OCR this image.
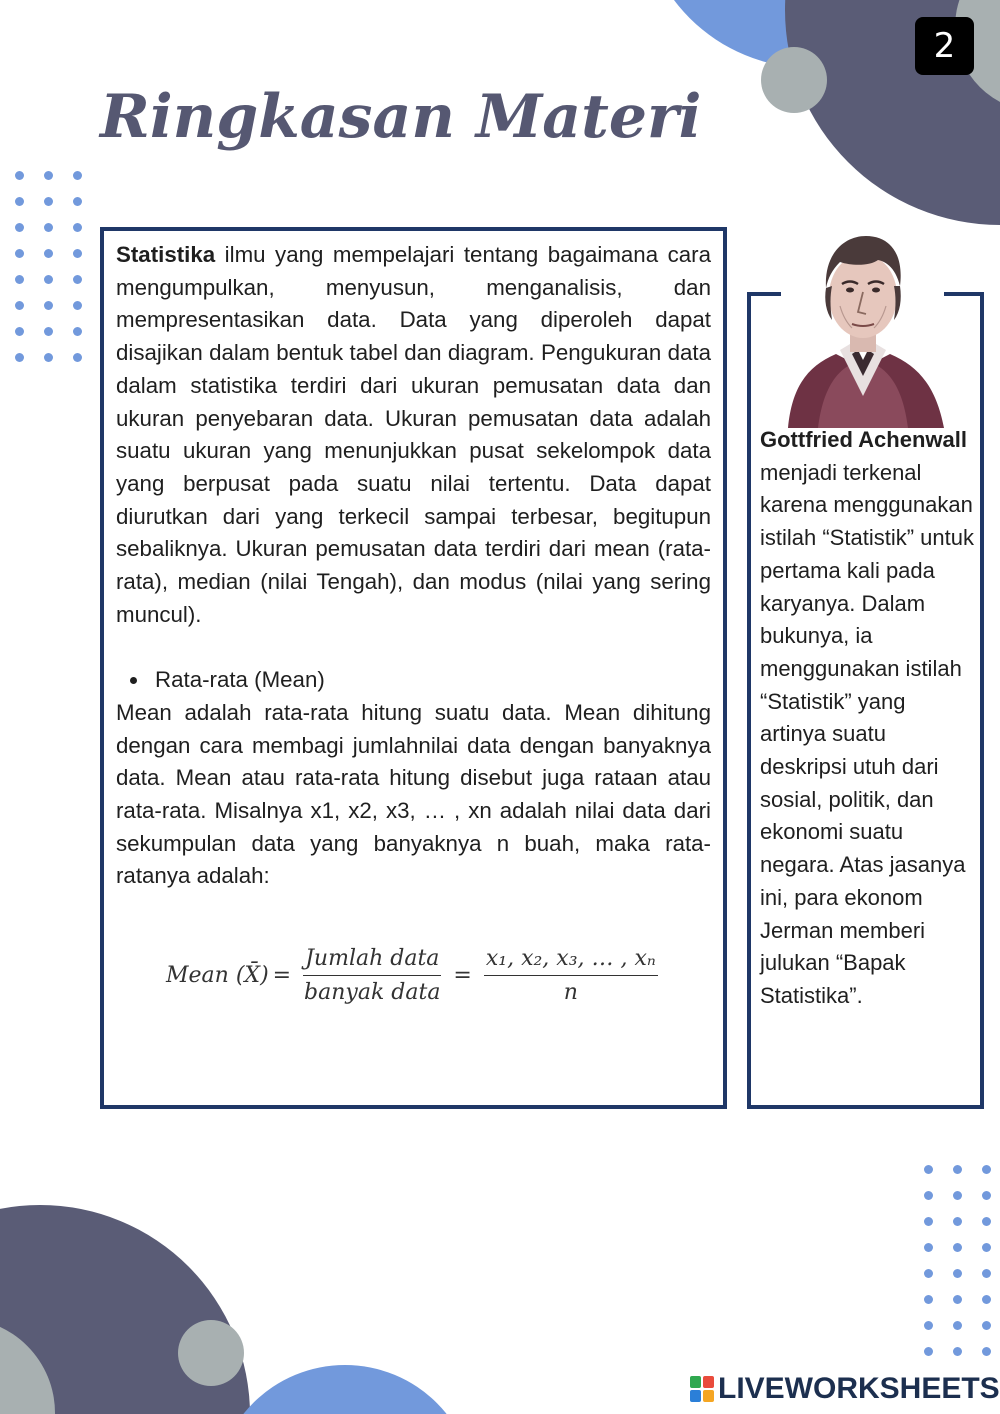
2
Ringkasan Materi

Statistika ilmu yang mempelajari tentang bagaimana cara mengumpulkan, menyusun, menganalisis, dan mempresentasikan data. Data yang diperoleh dapat disajikan dalam bentuk tabel dan diagram. Pengukuran data dalam statistika terdiri dari ukuran pemusatan data dan ukuran penyebaran data. Ukuran pemusatan data adalah suatu ukuran yang menunjukkan pusat sekelompok data yang berpusat pada suatu nilai tertentu. Data dapat diurutkan dari yang terkecil sampai terbesar, begitupun sebaliknya. Ukuran pemusatan data terdiri dari mean (rata-rata), median (nilai Tengah), dan modus (nilai yang sering muncul).

Rata-rata (Mean)

Mean adalah rata-rata hitung suatu data. Mean dihitung dengan cara membagi jumlahnilai data dengan banyaknya data. Mean atau rata-rata hitung disebut juga rataan atau rata-rata. Misalnya x1, x2, x3, … , xn adalah nilai data dari sekumpulan data yang banyaknya n buah, maka rata-ratanya adalah:

Mean (X̄) = $\frac{\text{Jumlah data}}{\text{banyak data}} = \frac{\text{x₁, x₂, x₃, … , xₙ}}{n}$
Gottfried Achenwall
menjadi terkenal karena menggunakan istilah “Statistik” untuk pertama kali pada karyanya. Dalam bukunya, ia menggunakan istilah “Statistik” yang artinya suatu deskripsi utuh dari sosial, politik, dan ekonomi suatu negara. Atas jasanya ini, para ekonom Jerman memberi julukan “Bapak Statistika”.
LIVEWORKSHEETS
